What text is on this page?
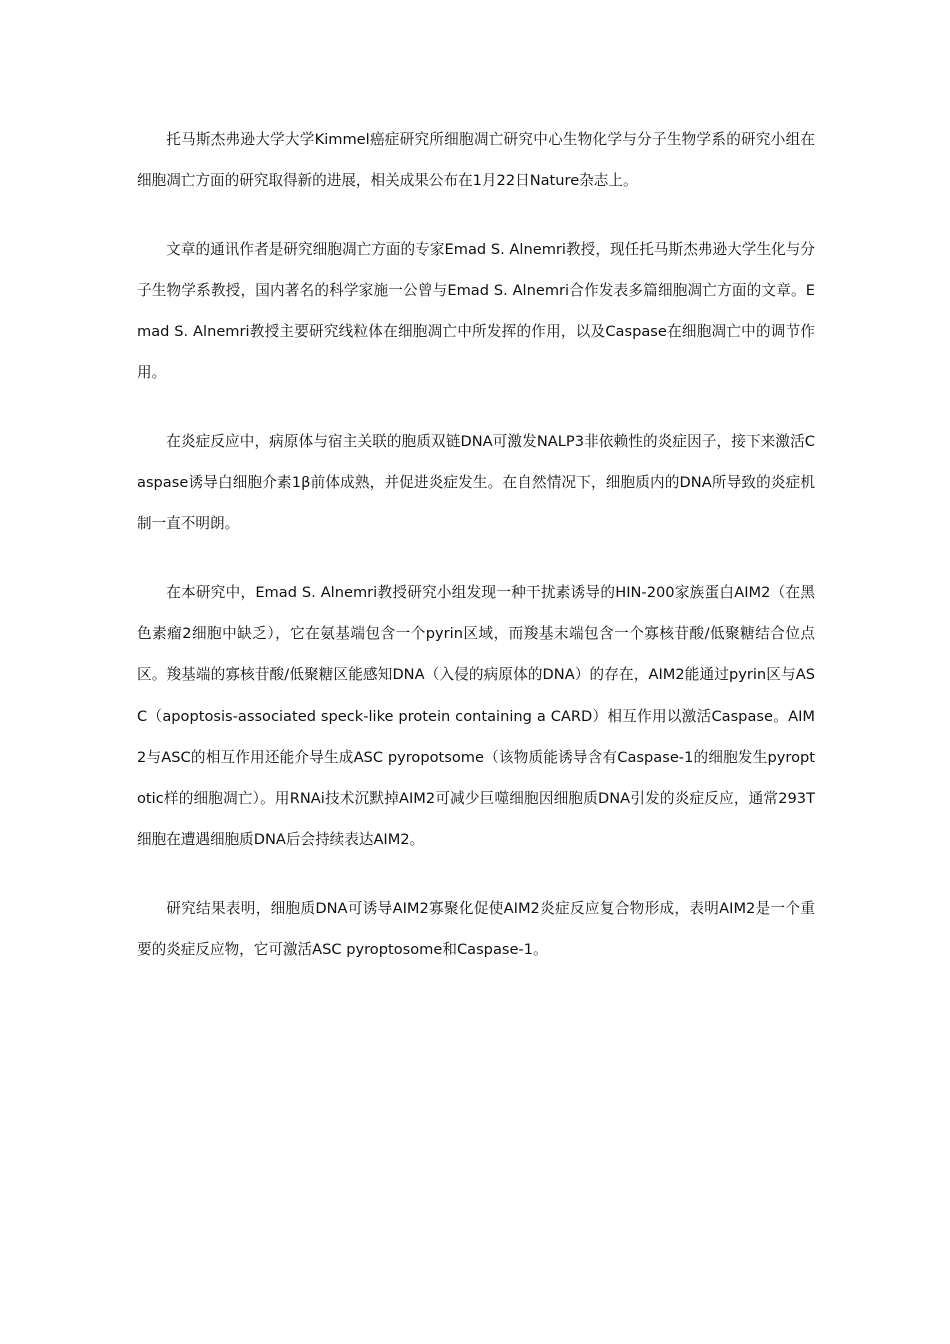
托马斯杰弗逊大学大学Kimmel癌症研究所细胞凋亡研究中心生物化学与分子生物学系的研究小组在细胞凋亡方面的研究取得新的进展，相关成果公布在1月22日Nature杂志上。

文章的通讯作者是研究细胞凋亡方面的专家Emad S. Alnemri教授，现任托马斯杰弗逊大学生化与分子生物学系教授，国内著名的科学家施一公曾与Emad S. Alnemri合作发表多篇细胞凋亡方面的文章。Emad S. Alnemri教授主要研究线粒体在细胞凋亡中所发挥的作用，以及Caspase在细胞凋亡中的调节作用。

在炎症反应中，病原体与宿主关联的胞质双链DNA可激发NALP3非依赖性的炎症因子，接下来激活Caspase诱导白细胞介素1β前体成熟，并促进炎症发生。在自然情况下，细胞质内的DNA所导致的炎症机制一直不明朗。

在本研究中，Emad S. Alnemri教授研究小组发现一种干扰素诱导的HIN-200家族蛋白AIM2（在黑色素瘤2细胞中缺乏），它在氨基端包含一个pyrin区域，而羧基末端包含一个寡核苷酸/低聚糖结合位点区。羧基端的寡核苷酸/低聚糖区能感知DNA（入侵的病原体的DNA）的存在，AIM2能通过pyrin区与ASC（apoptosis-associated speck-like protein containing a CARD）相互作用以激活Caspase。AIM2与ASC的相互作用还能介导生成ASC pyropotsome（该物质能诱导含有Caspase-1的细胞发生pyroptotic样的细胞凋亡）。用RNAi技术沉默掉AIM2可减少巨噬细胞因细胞质DNA引发的炎症反应，通常293T细胞在遭遇细胞质DNA后会持续表达AIM2。

研究结果表明，细胞质DNA可诱导AIM2寡聚化促使AIM2炎症反应复合物形成，表明AIM2是一个重要的炎症反应物，它可激活ASC pyroptosome和Caspase-1。
